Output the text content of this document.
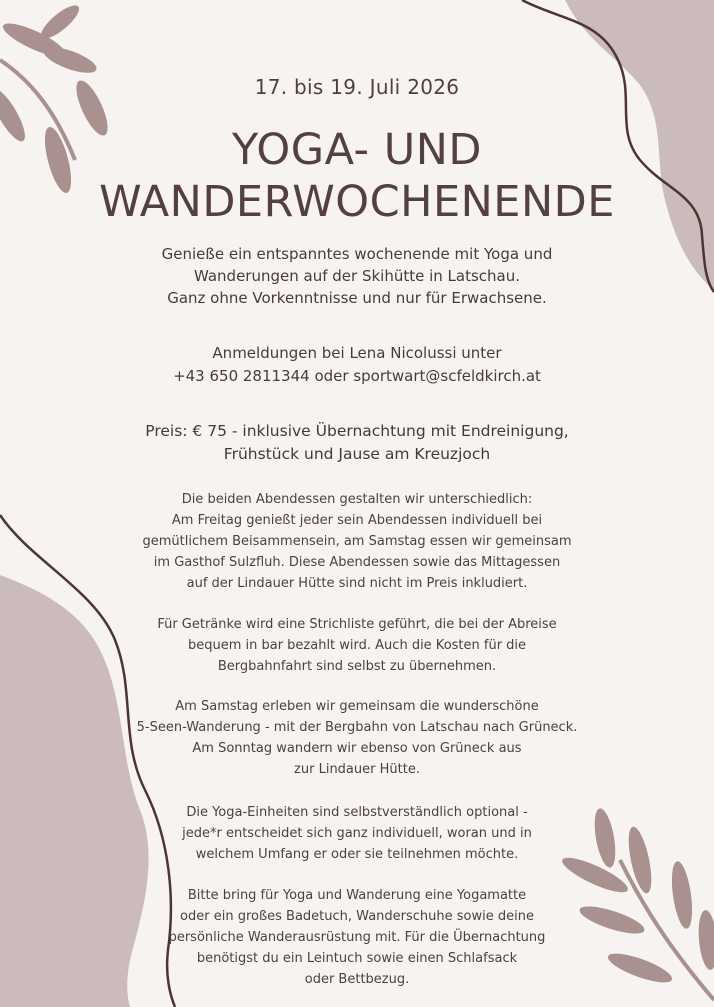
17. bis 19. Juli 2026
YOGA- UND
WANDERWOCHENENDE
Genieße ein entspanntes wochenende mit Yoga und
Wanderungen auf der Skihütte in Latschau.
Ganz ohne Vorkenntnisse und nur für Erwachsene.
Anmeldungen bei Lena Nicolussi unter
+43 650 2811344 oder sportwart@scfeldkirch.at
Preis: € 75 - inklusive Übernachtung mit Endreinigung,
Frühstück und Jause am Kreuzjoch
Die beiden Abendessen gestalten wir unterschiedlich:
Am Freitag genießt jeder sein Abendessen individuell bei
gemütlichem Beisammensein, am Samstag essen wir gemeinsam
im Gasthof Sulzfluh. Diese Abendessen sowie das Mittagessen
auf der Lindauer Hütte sind nicht im Preis inkludiert.
Für Getränke wird eine Strichliste geführt, die bei der Abreise
bequem in bar bezahlt wird. Auch die Kosten für die
Bergbahnfahrt sind selbst zu übernehmen.
Am Samstag erleben wir gemeinsam die wunderschöne
5-Seen-Wanderung - mit der Bergbahn von Latschau nach Grüneck.
Am Sonntag wandern wir ebenso von Grüneck aus
zur Lindauer Hütte.
Die Yoga-Einheiten sind selbstverständlich optional -
jede*r entscheidet sich ganz individuell, woran und in
welchem Umfang er oder sie teilnehmen möchte.
Bitte bring für Yoga und Wanderung eine Yogamatte
oder ein großes Badetuch, Wanderschuhe sowie deine
persönliche Wanderausrüstung mit. Für die Übernachtung
benötigst du ein Leintuch sowie einen Schlafsack
oder Bettbezug.
